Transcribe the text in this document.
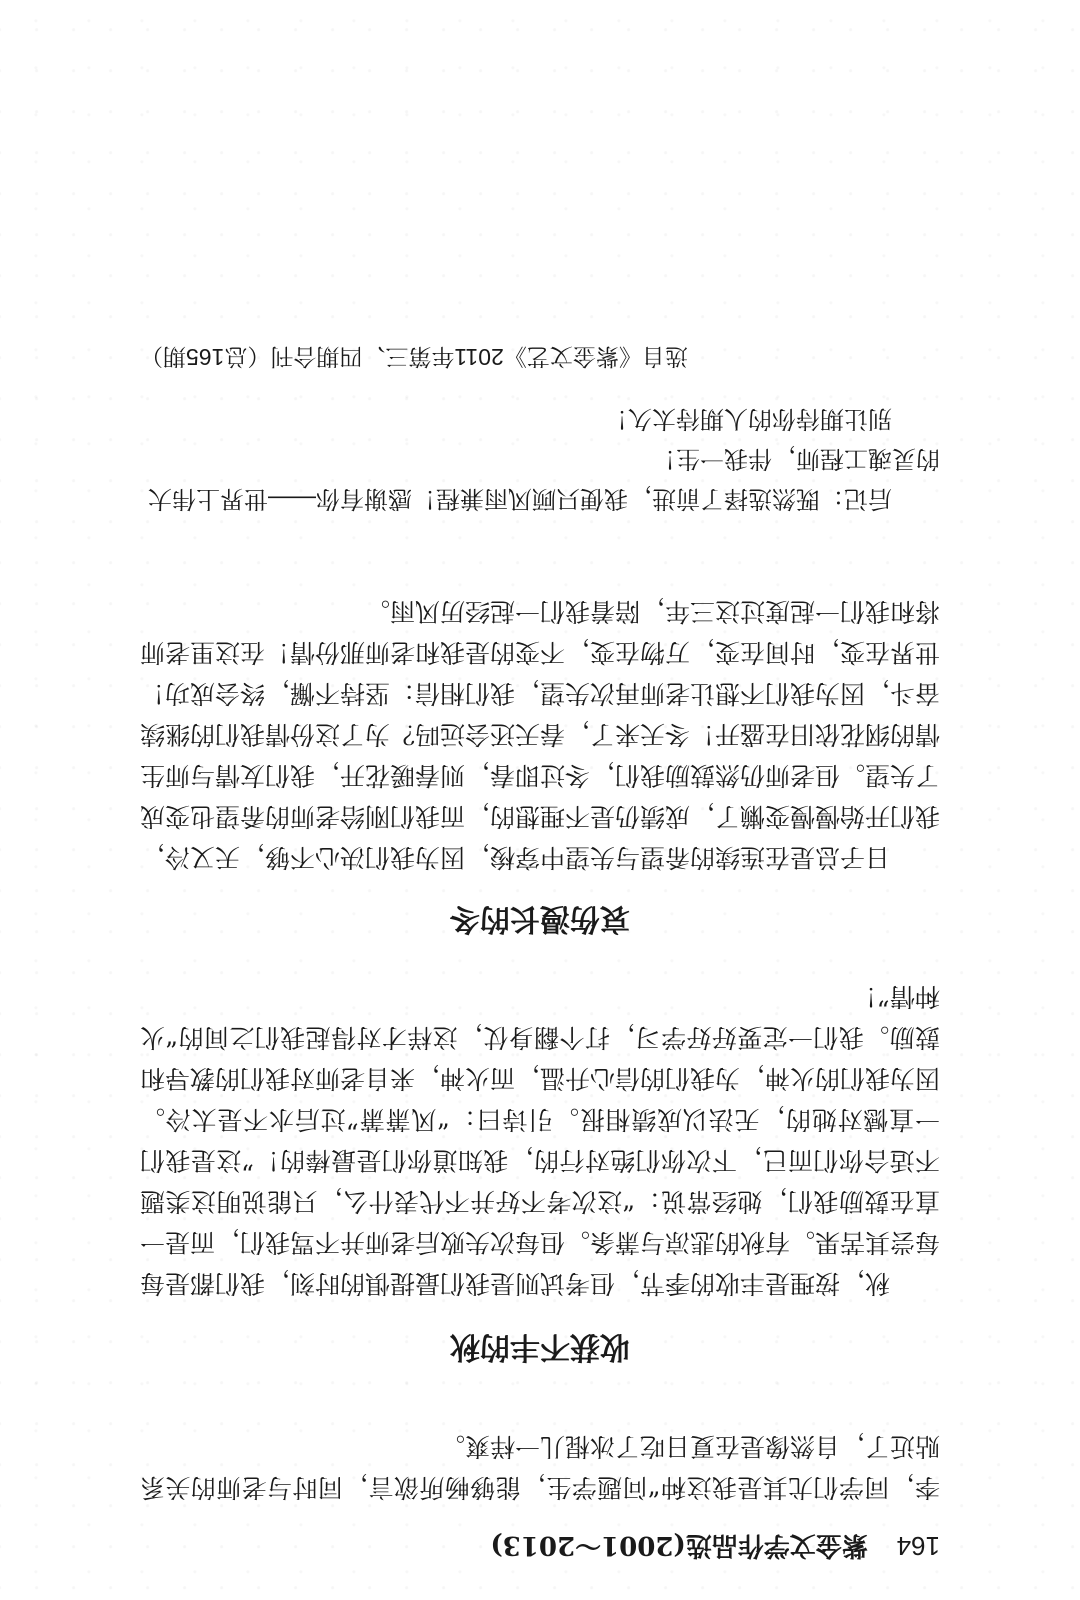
164 紫金文学作品选(2001～2013)

李，同学们尤其是我这种“问题学生，能够畅所欲言，同时与老师的关系贴近了，自然像是在夏日吃了冰棍儿一样爽。

收获不丰的秋

秋，按理是丰收的季节，但考试则是我们最提惧的时刻，我们都是每每尝其苦果。有秋的悲凉与萧条。但每次失败后老师并不骂我们，而是一直在鼓励我们，她经常说：“这次考不好并不代表什么，只能说明这类题不适合你们而已，下次你们绝对行的，我知道你们是最棒的！”这是我们一直憾对她的，无法以成绩相报。引诗曰：“风萧萧”过后水不是太冷。因为我们的火神，为我们的信心升温，而火神，来自老师对我们的教导和鼓励。我们一定要好好学习，打个翻身仗，这样才对得起我们之间的“火种情”！

哀伤漫长的冬

日子总是在连续的希望与失望中穿梭，因为我们决心不够，天又冷，我们开始慢慢变懒了，成绩仍是不理想的，而我们刚给老师的希望也变成了失望。但老师仍然鼓励我们，冬过即春，则春暖花开，我们友情与师生情的纲花依旧在盛开！冬天来了，春天还会远吗？为了这份情我们的继续奋斗，因为我们不想让老师再次失望，我们相信：坚持不懈，终会成功！世界在变，时间在变，万物在变，不变的是我和老师那份情！在这里老师将和我们一起度过这三年，陪着我们一起经历风雨。

后记：既然选择了前进，我便只顾风雨兼程！感谢有你——世界上伟大

的灵魂工程师，伴我一生！

别让期待你的人期待太久！

选自《紫金文艺》2011年第三、四期合刊（总165期）
